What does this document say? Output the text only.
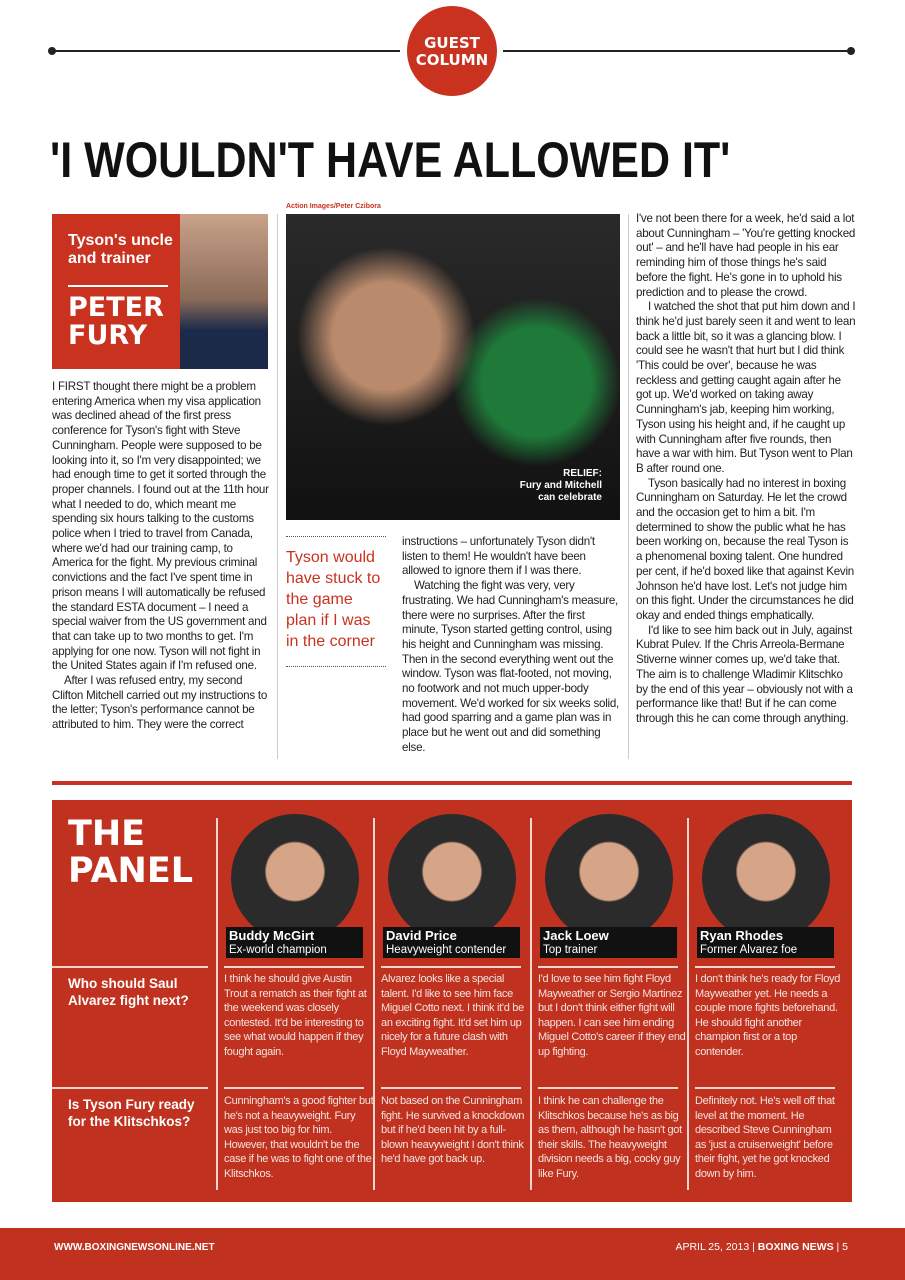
GUEST
COLUMN
'I WOULDN'T HAVE ALLOWED IT'
Tyson's uncle and trainer
PETER
FURY

I FIRST thought there might be a problem entering America when my visa application was declined ahead of the first press conference for Tyson's fight with Steve Cunningham. People were supposed to be looking into it, so I'm very disappointed; we had enough time to get it sorted through the proper channels. I found out at the 11th hour what I needed to do, which meant me spending six hours talking to the customs police when I tried to travel from Canada, where we'd had our training camp, to America for the fight. My previous criminal convictions and the fact I've spent time in prison means I will automatically be refused the standard ESTA document – I need a special waiver from the US government and that can take up to two months to get. I'm applying for one now. Tyson will not fight in the United States again if I'm refused one.

After I was refused entry, my second Clifton Mitchell carried out my instructions to the letter; Tyson's performance cannot be attributed to him. They were the correct

Action Images/Peter Czibora
RELIEF:
Fury and Mitchell
can celebrate
Tyson would have stuck to the game plan if I was in the corner

instructions – unfortunately Tyson didn't listen to them! He wouldn't have been allowed to ignore them if I was there.

Watching the fight was very, very frustrating. We had Cunningham's measure, there were no surprises. After the first minute, Tyson started getting control, using his height and Cunningham was missing. Then in the second everything went out the window. Tyson was flat-footed, not moving, no footwork and not much upper-body movement. We'd worked for six weeks solid, had good sparring and a game plan was in place but he went out and did something else.

I've not been there for a week, he'd said a lot about Cunningham – 'You're getting knocked out' – and he'll have had people in his ear reminding him of those things he's said before the fight. He's gone in to uphold his prediction and to please the crowd.

I watched the shot that put him down and I think he'd just barely seen it and went to lean back a little bit, so it was a glancing blow. I could see he wasn't that hurt but I did think 'This could be over', because he was reckless and getting caught again after he got up. We'd worked on taking away Cunningham's jab, keeping him working, Tyson using his height and, if he caught up with Cunningham after five rounds, then have a war with him. But Tyson went to Plan B after round one.

Tyson basically had no interest in boxing Cunningham on Saturday. He let the crowd and the occasion get to him a bit. I'm determined to show the public what he has been working on, because the real Tyson is a phenomenal boxing talent. One hundred per cent, if he'd boxed like that against Kevin Johnson he'd have lost. Let's not judge him on this fight. Under the circumstances he did okay and ended things emphatically.

I'd like to see him back out in July, against Kubrat Pulev. If the Chris Arreola-Bermane Stiverne winner comes up, we'd take that. The aim is to challenge Wladimir Klitschko by the end of this year – obviously not with a performance like that! But if he can come through this he can come through anything.

THE
PANEL
Who should Saul Alvarez fight next?
Is Tyson Fury ready for the Klitschkos?
Buddy McGirt
Ex-world champion
I think he should give Austin Trout a rematch as their fight at the weekend was closely contested. It'd be interesting to see what would happen if they fought again.
Cunningham's a good fighter but he's not a heavyweight. Fury was just too big for him. However, that wouldn't be the case if he was to fight one of the Klitschkos.
David Price
Heavyweight contender
Alvarez looks like a special talent. I'd like to see him face Miguel Cotto next. I think it'd be an exciting fight. It'd set him up nicely for a future clash with Floyd Mayweather.
Not based on the Cunningham fight. He survived a knockdown but if he'd been hit by a full-blown heavyweight I don't think he'd have got back up.
Jack Loew
Top trainer
I'd love to see him fight Floyd Mayweather or Sergio Martinez but I don't think either fight will happen. I can see him ending Miguel Cotto's career if they end up fighting.
I think he can challenge the Klitschkos because he's as big as them, although he hasn't got their skills. The heavyweight division needs a big, cocky guy like Fury.
Ryan Rhodes
Former Alvarez foe
I don't think he's ready for Floyd Mayweather yet. He needs a couple more fights beforehand. He should fight another champion first or a top contender.
Definitely not. He's well off that level at the moment. He described Steve Cunningham as 'just a cruiserweight' before their fight, yet he got knocked down by him.
WWW.BOXINGNEWSONLINE.NET	APRIL 25, 2013 | BOXING NEWS | 5
